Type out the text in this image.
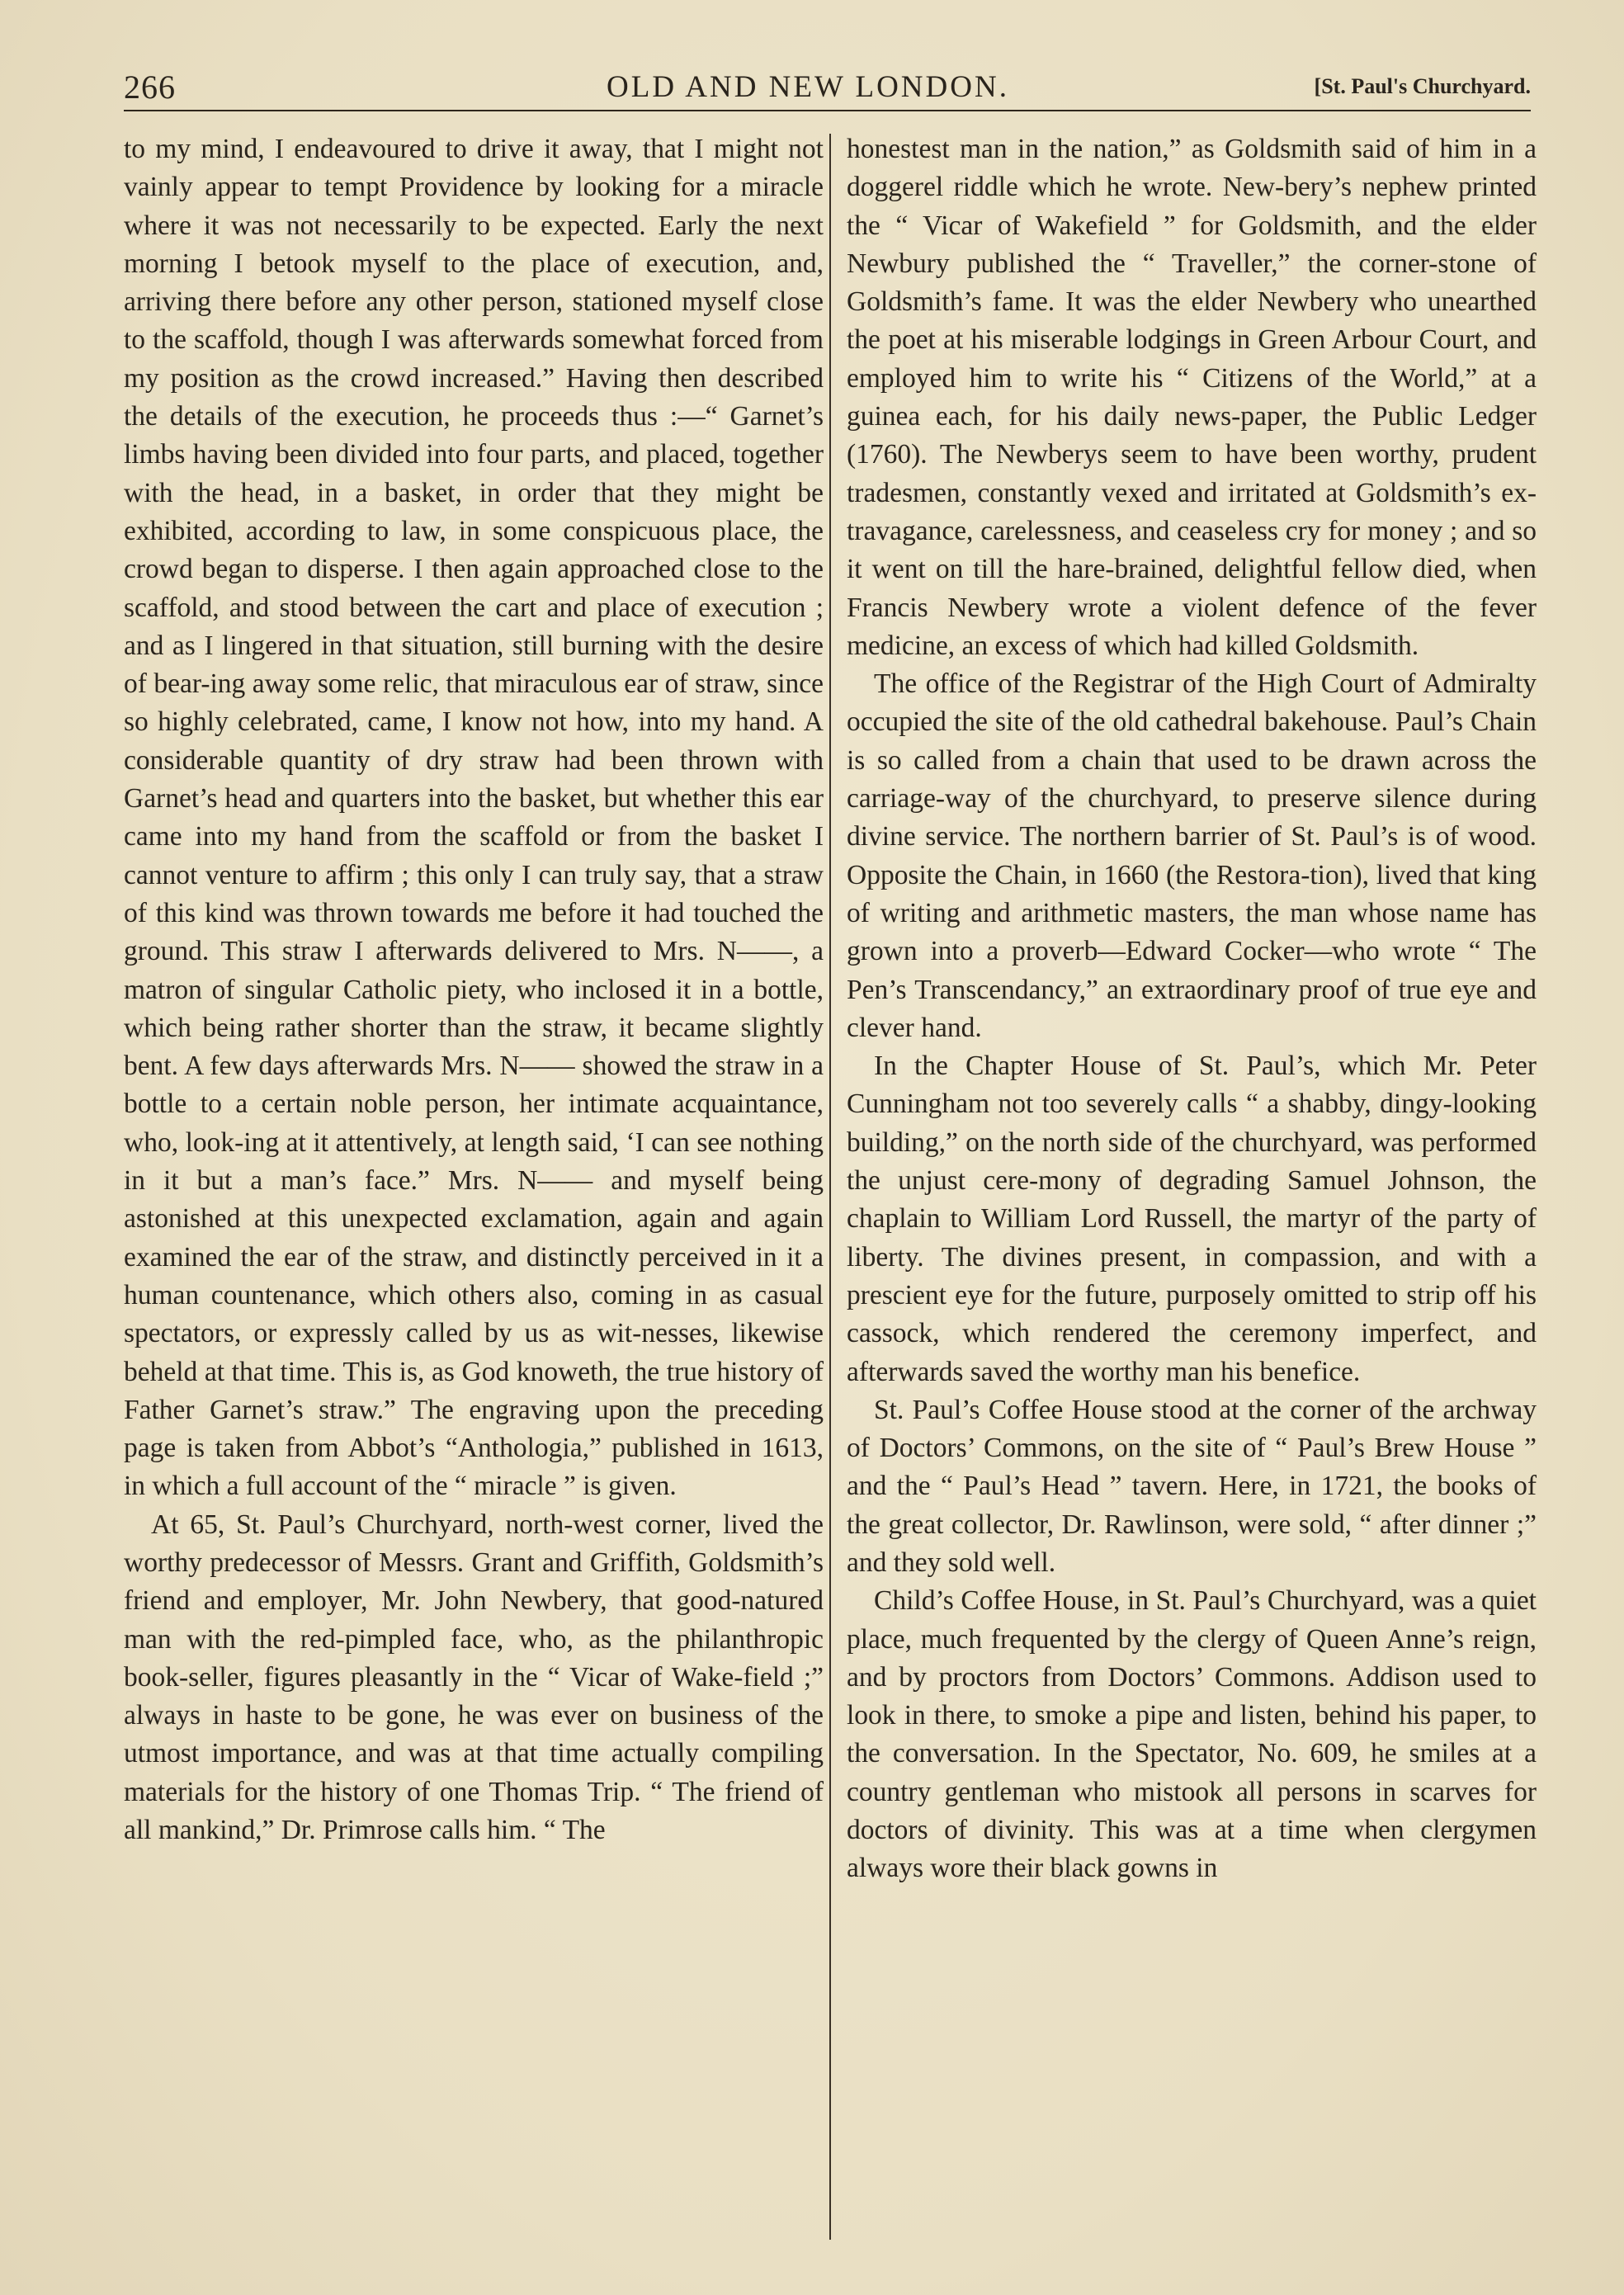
266	OLD AND NEW LONDON.	[St. Paul's Churchyard.

to my mind, I endeavoured to drive it away, that I might not vainly appear to tempt Providence by looking for a miracle where it was not necessarily to be expected. Early the next morning I betook myself to the place of execution, and, arriving there before any other person, stationed myself close to the scaffold, though I was afterwards somewhat forced from my position as the crowd increased.” Having then described the details of the execution, he proceeds thus :—“ Garnet’s limbs having been divided into four parts, and placed, together with the head, in a basket, in order that they might be exhibited, according to law, in some conspicuous place, the crowd began to disperse. I then again approached close to the scaffold, and stood between the cart and place of execution ; and as I lingered in that situation, still burning with the desire of bear-ing away some relic, that miraculous ear of straw, since so highly celebrated, came, I know not how, into my hand. A considerable quantity of dry straw had been thrown with Garnet’s head and quarters into the basket, but whether this ear came into my hand from the scaffold or from the basket I cannot venture to affirm ; this only I can truly say, that a straw of this kind was thrown towards me before it had touched the ground. This straw I afterwards delivered to Mrs. N——, a matron of singular Catholic piety, who inclosed it in a bottle, which being rather shorter than the straw, it became slightly bent. A few days afterwards Mrs. N—— showed the straw in a bottle to a certain noble person, her intimate acquaintance, who, look-ing at it attentively, at length said, ‘I can see nothing in it but a man’s face.” Mrs. N—— and myself being astonished at this unexpected exclamation, again and again examined the ear of the straw, and distinctly perceived in it a human countenance, which others also, coming in as casual spectators, or expressly called by us as wit-nesses, likewise beheld at that time. This is, as God knoweth, the true history of Father Garnet’s straw.” The engraving upon the preceding page is taken from Abbot’s “Anthologia,” published in 1613, in which a full account of the “ miracle ” is given.

At 65, St. Paul’s Churchyard, north-west corner, lived the worthy predecessor of Messrs. Grant and Griffith, Goldsmith’s friend and employer, Mr. John Newbery, that good-natured man with the red-pimpled face, who, as the philanthropic book-seller, figures pleasantly in the “ Vicar of Wake-field ;” always in haste to be gone, he was ever on business of the utmost importance, and was at that time actually compiling materials for the history of one Thomas Trip. “ The friend of all mankind,” Dr. Primrose calls him. “ The

honestest man in the nation,” as Goldsmith said of him in a doggerel riddle which he wrote. New-bery’s nephew printed the “ Vicar of Wakefield ” for Goldsmith, and the elder Newbury published the “ Traveller,” the corner-stone of Goldsmith’s fame. It was the elder Newbery who unearthed the poet at his miserable lodgings in Green Arbour Court, and employed him to write his “ Citizens of the World,” at a guinea each, for his daily news-paper, the Public Ledger (1760). The Newberys seem to have been worthy, prudent tradesmen, constantly vexed and irritated at Goldsmith’s ex-travagance, carelessness, and ceaseless cry for money ; and so it went on till the hare-brained, delightful fellow died, when Francis Newbery wrote a violent defence of the fever medicine, an excess of which had killed Goldsmith.

The office of the Registrar of the High Court of Admiralty occupied the site of the old cathedral bakehouse. Paul’s Chain is so called from a chain that used to be drawn across the carriage-way of the churchyard, to preserve silence during divine service. The northern barrier of St. Paul’s is of wood. Opposite the Chain, in 1660 (the Restora-tion), lived that king of writing and arithmetic masters, the man whose name has grown into a proverb—Edward Cocker—who wrote “ The Pen’s Transcendancy,” an extraordinary proof of true eye and clever hand.

In the Chapter House of St. Paul’s, which Mr. Peter Cunningham not too severely calls “ a shabby, dingy-looking building,” on the north side of the churchyard, was performed the unjust cere-mony of degrading Samuel Johnson, the chaplain to William Lord Russell, the martyr of the party of liberty. The divines present, in compassion, and with a prescient eye for the future, purposely omitted to strip off his cassock, which rendered the ceremony imperfect, and afterwards saved the worthy man his benefice.

St. Paul’s Coffee House stood at the corner of the archway of Doctors’ Commons, on the site of “ Paul’s Brew House ” and the “ Paul’s Head ” tavern. Here, in 1721, the books of the great collector, Dr. Rawlinson, were sold, “ after dinner ;” and they sold well.

Child’s Coffee House, in St. Paul’s Churchyard, was a quiet place, much frequented by the clergy of Queen Anne’s reign, and by proctors from Doctors’ Commons. Addison used to look in there, to smoke a pipe and listen, behind his paper, to the conversation. In the Spectator, No. 609, he smiles at a country gentleman who mistook all persons in scarves for doctors of divinity. This was at a time when clergymen always wore their black gowns in
